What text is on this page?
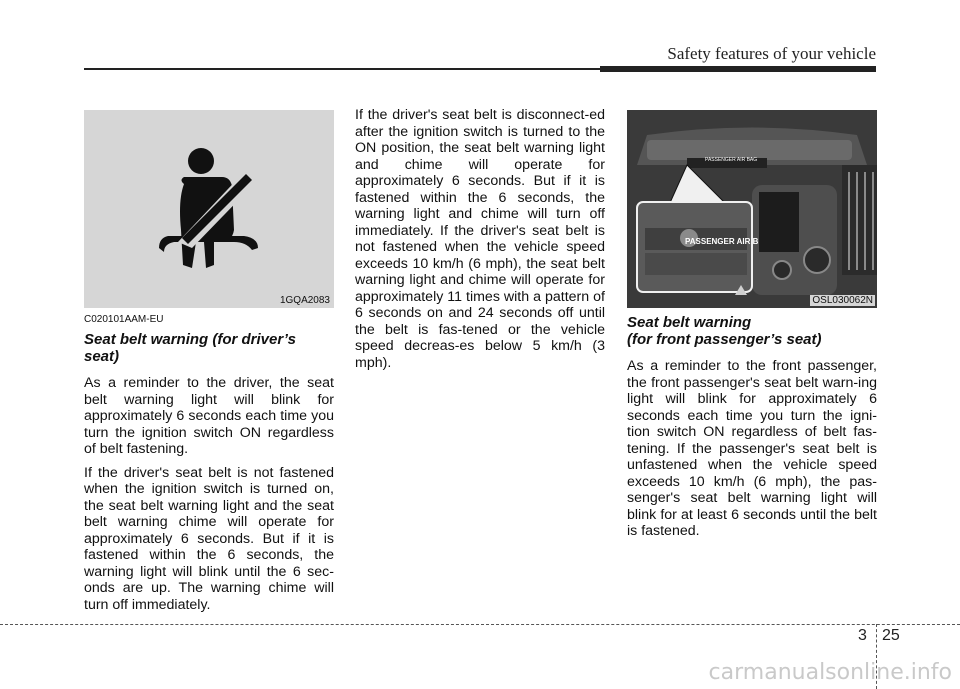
Safety features of your vehicle
1GQA2083
C020101AAM-EU
Seat belt warning (for driver’s seat)

As a reminder to the driver, the seat belt warning light will blink for approximately 6 seconds each time you turn the ignition switch ON regardless of belt fastening.

If the driver's seat belt is not fastened when the ignition switch is turned on, the seat belt warning light and the seat belt warning chime will operate for approximately 6 seconds. But if it is fastened within the 6 seconds, the warning light will blink until the 6 sec-onds are up. The warning chime will turn off immediately.

If the driver's seat belt is disconnect-ed after the ignition switch is turned to the ON position, the seat belt warning light and chime will operate for approximately 6 seconds. But if it is fastened within the 6 seconds, the warning light and chime will turn off immediately. If the driver's seat belt is not fastened when the vehicle speed exceeds 10 km/h (6 mph), the seat belt warning light and chime will operate for approximately 11 times with a pattern of 6 seconds on and 24 seconds off until the belt is fas-tened or the vehicle speed decreas-es below 5 km/h (3 mph).

PASSENGER AIR BAG
PASSENGER AIR B
OSL030062N
Seat belt warning
(for front passenger’s seat)

As a reminder to the front passenger, the front passenger's seat belt warn-ing light will blink for approximately 6 seconds each time you turn the igni-tion switch ON regardless of belt fas-tening. If the passenger's seat belt is unfastened when the vehicle speed exceeds 10 km/h (6 mph), the pas-senger's seat belt warning light will blink for at least 6 seconds until the belt is fastened.

3 25
carmanualsonline.info
